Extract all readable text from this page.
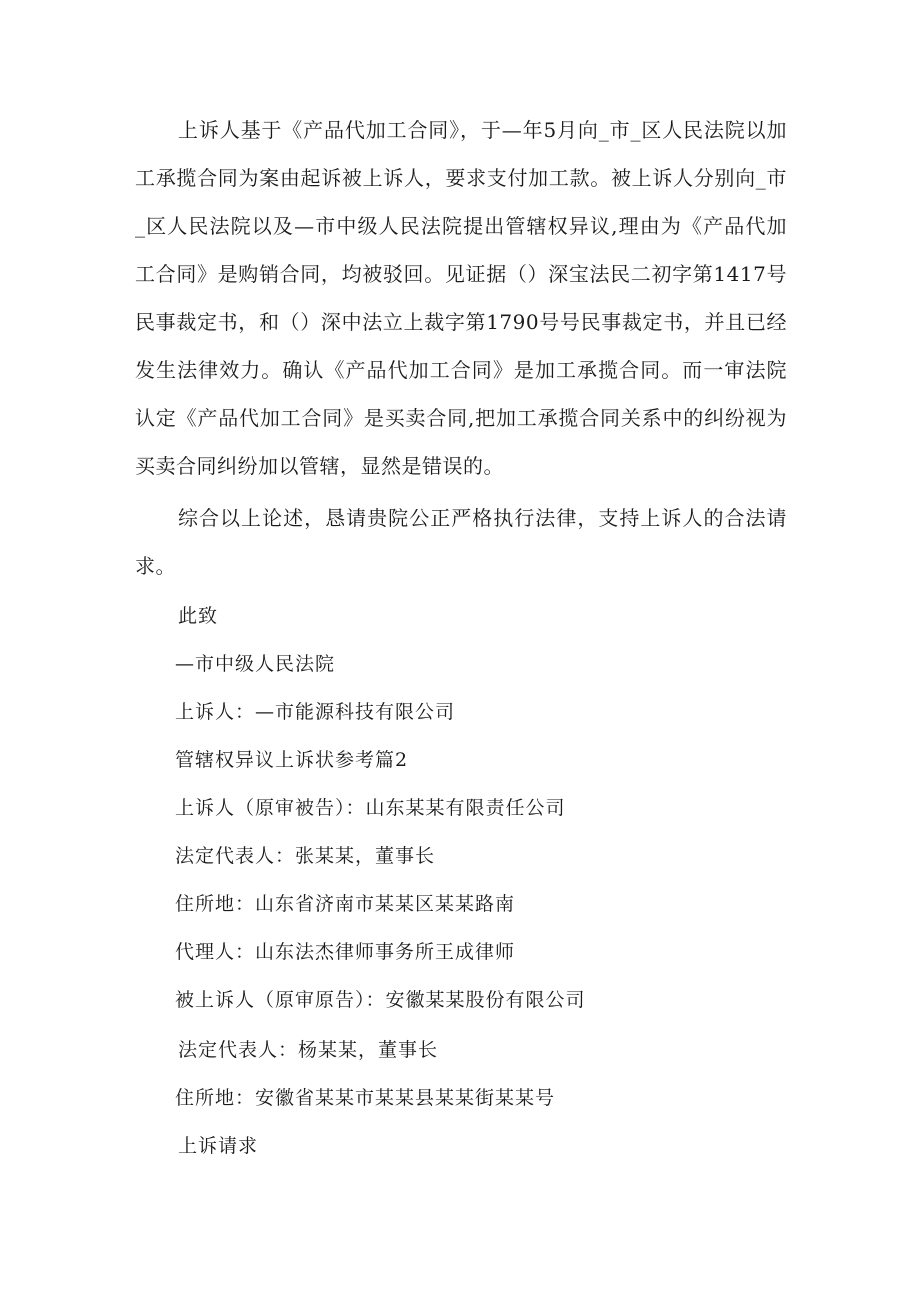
上诉人基于《产品代加工合同》，于—年5月向_市_区人民法院以加工承揽合同为案由起诉被上诉人，要求支付加工款。被上诉人分别向_市_区人民法院以及—市中级人民法院提出管辖权异议,理由为《产品代加工合同》是购销合同，均被驳回。见证据（）深宝法民二初字第1417号民事裁定书，和（）深中法立上裁字第1790号号民事裁定书，并且已经发生法律效力。确认《产品代加工合同》是加工承揽合同。而一审法院认定《产品代加工合同》是买卖合同,把加工承揽合同关系中的纠纷视为买卖合同纠纷加以管辖，显然是错误的。

综合以上论述，恳请贵院公正严格执行法律，支持上诉人的合法请求。

此致

—市中级人民法院

上诉人：—市能源科技有限公司

管辖权异议上诉状参考篇2

上诉人（原审被告）：山东某某有限责任公司

法定代表人：张某某，董事长

住所地：山东省济南市某某区某某路南

代理人：山东法杰律师事务所王成律师

被上诉人（原审原告）：安徽某某股份有限公司

法定代表人：杨某某，董事长

住所地：安徽省某某市某某县某某街某某号

上诉请求
